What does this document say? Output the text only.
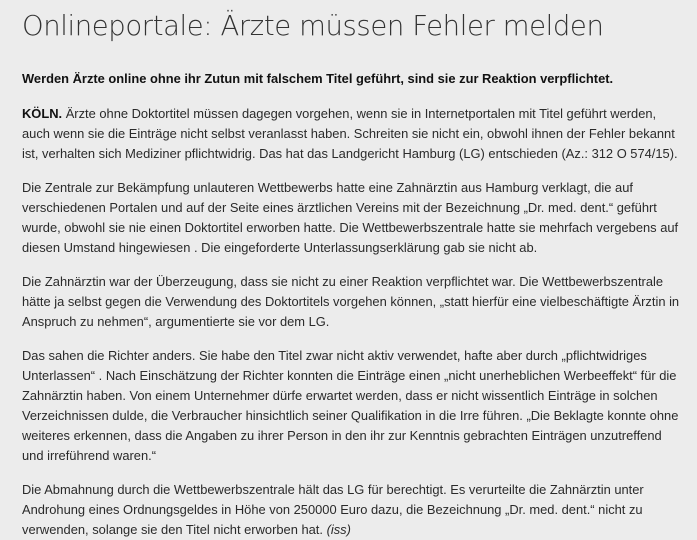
Onlineportale: Ärzte müssen Fehler melden

Werden Ärzte online ohne ihr Zutun mit falschem Titel geführt, sind sie zur Reaktion verpflichtet.

KÖLN. Ärzte ohne Doktortitel müssen dagegen vorgehen, wenn sie in Internetportalen mit Titel geführt werden, auch wenn sie die Einträge nicht selbst veranlasst haben. Schreiten sie nicht ein, obwohl ihnen der Fehler bekannt ist, verhalten sich Mediziner pflichtwidrig. Das hat das Landgericht Hamburg (LG) entschieden (Az.: 312 O 574/15).

Die Zentrale zur Bekämpfung unlauteren Wettbewerbs hatte eine Zahnärztin aus Hamburg verklagt, die auf verschiedenen Portalen und auf der Seite eines ärztlichen Vereins mit der Bezeichnung „Dr. med. dent.“ geführt wurde, obwohl sie nie einen Doktortitel erworben hatte. Die Wettbewerbszentrale hatte sie mehrfach vergebens auf diesen Umstand hingewiesen . Die eingeforderte Unterlassungserklärung gab sie nicht ab.

Die Zahnärztin war der Überzeugung, dass sie nicht zu einer Reaktion verpflichtet war. Die Wettbewerbszentrale hätte ja selbst gegen die Verwendung des Doktortitels vorgehen können, „statt hierfür eine vielbeschäftigte Ärztin in Anspruch zu nehmen“, argumentierte sie vor dem LG.

Das sahen die Richter anders. Sie habe den Titel zwar nicht aktiv verwendet, hafte aber durch „pflichtwidriges Unterlassen“ . Nach Einschätzung der Richter konnten die Einträge einen „nicht unerheblichen Werbeeffekt“ für die Zahnärztin haben. Von einem Unternehmer dürfe erwartet werden, dass er nicht wissentlich Einträge in solchen Verzeichnissen dulde, die Verbraucher hinsichtlich seiner Qualifikation in die Irre führen. „Die Beklagte konnte ohne weiteres erkennen, dass die Angaben zu ihrer Person in den ihr zur Kenntnis gebrachten Einträgen unzutreffend und irreführend waren.“

Die Abmahnung durch die Wettbewerbszentrale hält das LG für berechtigt. Es verurteilte die Zahnärztin unter Androhung eines Ordnungsgeldes in Höhe von 250000 Euro dazu, die Bezeichnung „Dr. med. dent.“ nicht zu verwenden, solange sie den Titel nicht erworben hat. (iss)
